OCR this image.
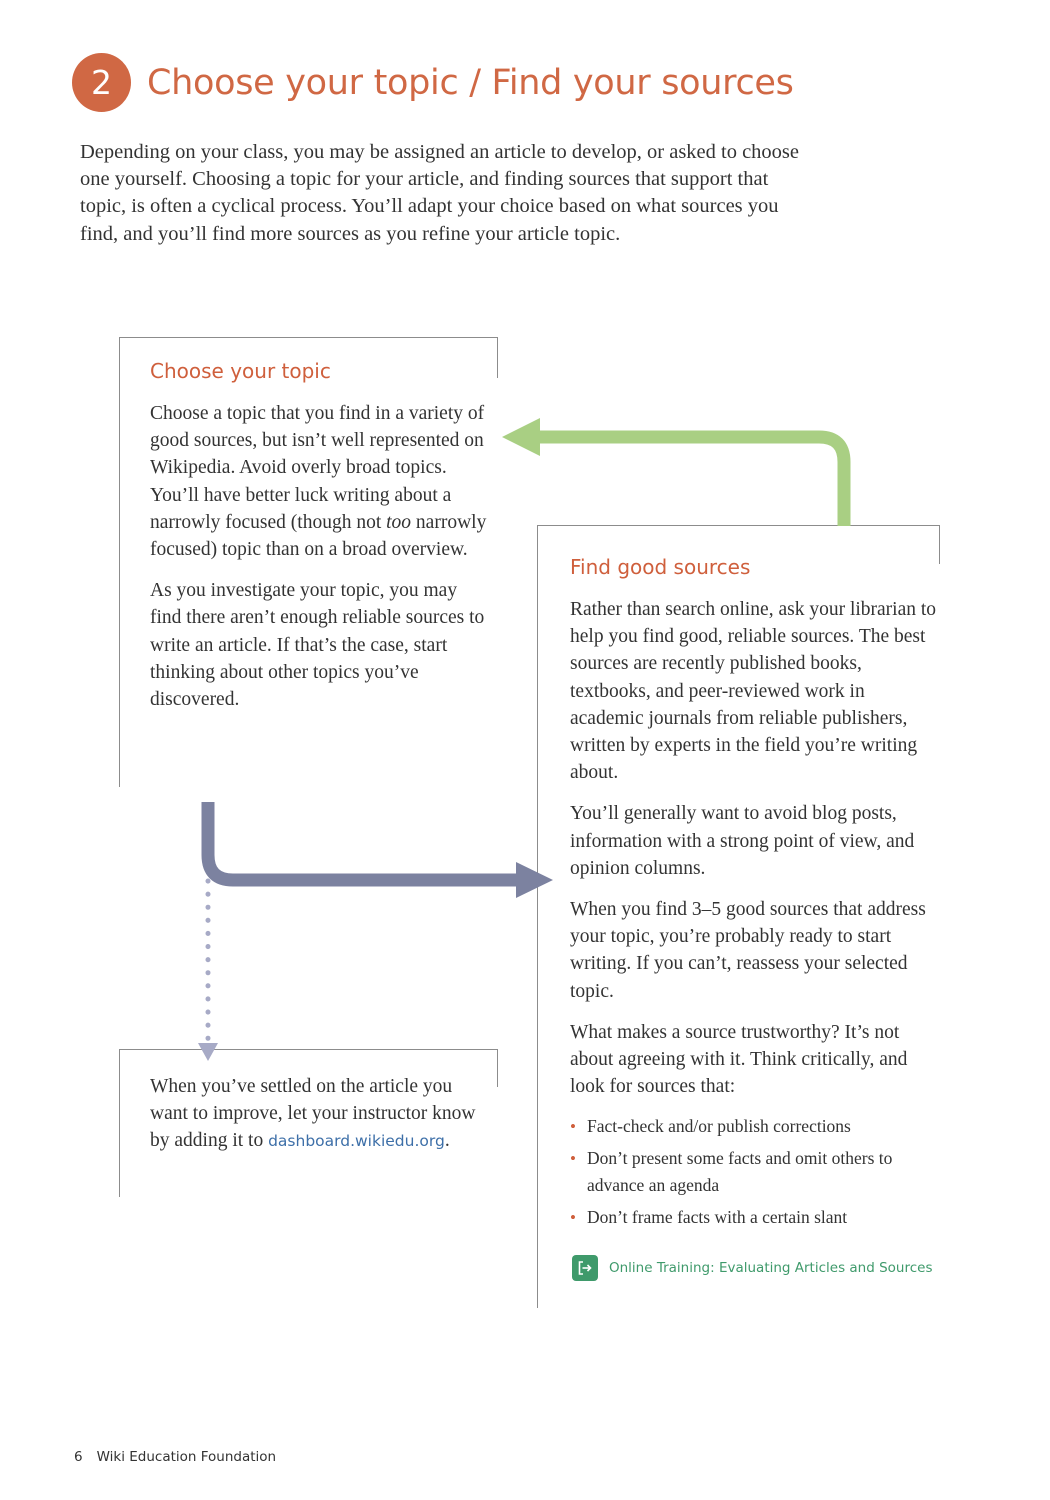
2	Choose your topic / Find your sources

Depending on your class, you may be assigned an article to develop, or asked to choose one yourself. Choosing a topic for your article, and finding sources that support that topic, is often a cyclical process. You’ll adapt your choice based on what sources you find, and you’ll find more sources as you refine your article topic.

Choose your topic

Choose a topic that you find in a variety of good sources, but isn’t well represented on Wikipedia. Avoid overly broad topics. You’ll have better luck writing about a narrowly focused (though not too narrowly focused) topic than on a broad overview.

As you investigate your topic, you may find there aren’t enough reliable sources to write an article. If that’s the case, start thinking about other topics you’ve discovered.

Find good sources

Rather than search online, ask your librarian to help you find good, reliable sources. The best sources are recently published books, textbooks, and peer-reviewed work in academic journals from reliable publishers, written by experts in the field you’re writing about.

You’ll generally want to avoid blog posts, information with a strong point of view, and opinion columns.

When you find 3–5 good sources that address your topic, you’re probably ready to start writing. If you can’t, reassess your selected topic.

What makes a source trustworthy? It’s not about agreeing with it. Think critically, and look for sources that:

• Fact-check and/or publish corrections
• Don’t present some facts and omit others to advance an agenda
• Don’t frame facts with a certain slant
Online Training: Evaluating Articles and Sources

When you’ve settled on the article you want to improve, let your instructor know by adding it to dashboard.wikiedu.org.

6 Wiki Education Foundation
